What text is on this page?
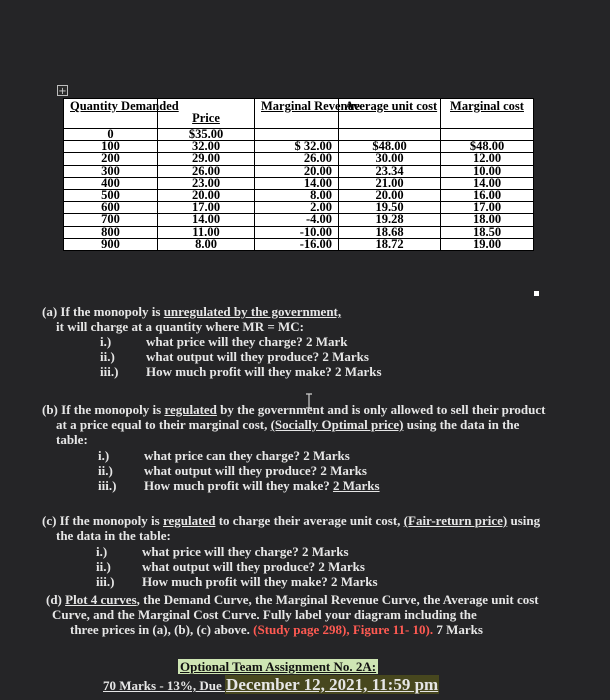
+
Quantity Demanded	Price	Marginal Revenue	Average unit cost	Marginal cost
0	$35.00			
100	32.00	$ 32.00	$48.00	$48.00
200	29.00	26.00	30.00	12.00
300	26.00	20.00	23.34	10.00
400	23.00	14.00	21.00	14.00
500	20.00	8.00	20.00	16.00
600	17.00	2.00	19.50	17.00
700	14.00	-4.00	19.28	18.00
800	11.00	-10.00	18.68	18.50
900	8.00	-16.00	18.72	19.00
(a) If the monopoly is unregulated by the government,
it will charge at a quantity where MR = MC:
i.)	what price will they charge? 2 Mark
ii.) what output will they produce? 2 Marks
iii.) How much profit will they make? 2 Marks
(b) If the monopoly is regulated by the government and is only allowed to sell their product
at a price equal to their marginal cost, (Socially Optimal price) using the data in the
table:
i.)	what price can they charge? 2 Marks
ii.) what output will they produce? 2 Marks
iii.) How much profit will they make? 2 Marks
(c) If the monopoly is regulated to charge their average unit cost, (Fair-return price) using
the data in the table:
i.)	what price will they charge? 2 Marks
ii.) what output will they produce? 2 Marks
iii.) How much profit will they make? 2 Marks
(d) Plot 4 curves, the Demand Curve, the Marginal Revenue Curve, the Average unit cost
Curve, and the Marginal Cost Curve. Fully label your diagram including the
three prices in (a), (b), (c) above. (Study page 298), Figure 11- 10). 7 Marks
Optional Team Assignment No. 2A:
70 Marks - 13%, Due December 12, 2021, 11:59 pm
